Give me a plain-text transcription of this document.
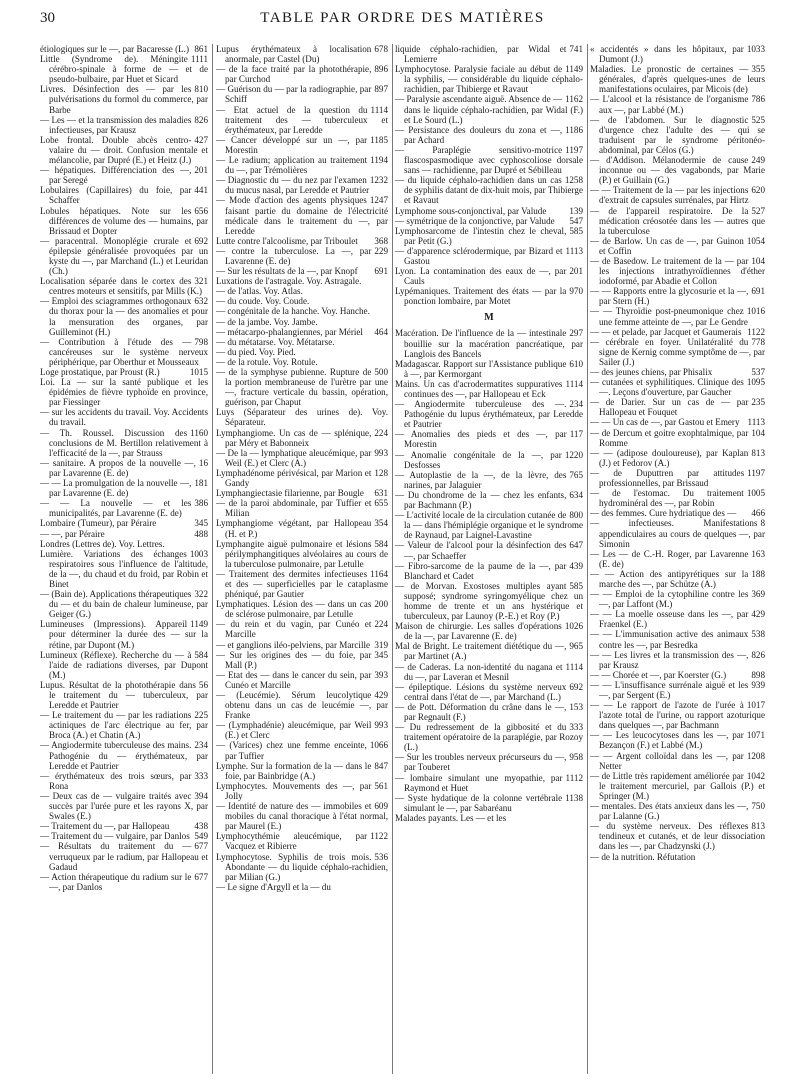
30	TABLE PAR ORDRE DES MATIÈRES
861
étiologiques sur le —, par Bacaresse (L.)
1111
Little (Syndrome de). Méningite cérébro-spinale à forme de — et de pseudo-bulbaire, par Huet et Sicard
810
Livres. Désinfection des — par les pulvérisations du formol du commerce, par Barbe
826
— Les — et la transmission des maladies infectieuses, par Krausz
427
Lobe frontal. Double abcès centro-valaire du — droit. Confusion mentale et mélancolie, par Dupré (E.) et Heitz (J.)
201
— hépatiques. Différenciation des —, par Seregé
441
Lobulaires (Capillaires) du foie, par Schaffer
656
Lobules hépatiques. Note sur les différences de volume des — humains, par Brissaud et Dopter
692
— paracentral. Monoplégie crurale et épilepsie généralisée provoquées par un kyste du —, par Marchand (L.) et Leuridan (Ch.)
321
Localisation séparée dans le cortex des centres moteurs et sensitifs, par Mills (K.)
632
— Emploi des sciagrammes orthogonaux du thorax pour la — des anomalies et pour la mensuration des organes, par Guilleminot (H.)
798
— Contribution à l'étude des — cancéreuses sur le système nerveux périphérique, par Oberthur et Mousseaux
1015
Loge prostatique, par Proust (R.)
Loi. La — sur la santé publique et les épidémies de fièvre typhoïde en province, par Fiessinger
— sur les accidents du travail. Voy. Accidents du travail.
1160
— Th. Roussel. Discussion des conclusions de M. Bertillon relativement à l'efficacité de la —, par Strauss
16
— sanitaire. A propos de la nouvelle —, par Lavarenne (E. de)
181
— — La promulgation de la nouvelle —, par Lavarenne (E. de)
386
— — La nouvelle — et les municipalités, par Lavarenne (E. de)
345
Lombaire (Tumeur), par Péraire
488
— —, par Péraire
Londres (Lettres de). Voy. Lettres.
1003
Lumière. Variations des échanges respiratoires sous l'influence de l'altitude, de la —, du chaud et du froid, par Robin et Binet
322
— (Bain de). Applications thérapeutiques du — et du bain de chaleur lumineuse, par Geiger (G.)
1149
Lumineuses (Impressions). Appareil pour déterminer la durée des — sur la rétine, par Dupont (M.)
584
Lumineux (Réflexe). Recherche du — à l'aide de radiations diverses, par Dupont (M.)
56
Lupus. Résultat de la photothérapie dans le traitement du — tuberculeux, par Leredde et Pautrier
225
— Le traitement du — par les radiations actiniques de l'arc électrique au fer, par Broca (A.) et Chatin (A.)
234
— Angiodermite tuberculeuse des mains. Pathogénie du — érythémateux, par Leredde et Pautrier
333
— érythémateux des trois sœurs, par Rona
394
— Deux cas de — vulgaire traités avec succès par l'urée pure et les rayons X, par Swales (E.)
438
— Traitement du —, par Hallopeau
549
— Traitement du — vulgaire, par Danlos
677
— Résultats du traitement du — verruqueux par le radium, par Hallopeau et Gadaud
677
— Action thérapeutique du radium sur le —, par Danlos
678
Lupus érythémateux à localisation anormale, par Castel (Du)
896
— de la face traité par la photothérapie, par Curchod
897
— Guérison du — par la radiographie, par Schiff
1114
— Etat actuel de la question du traitement des — tuberculeux et érythémateux, par Leredde
1185
— Cancer développé sur un —, par Morestin
1194
— Le radium; application au traitement du —, par Trémolières
1232
— Diagnostic du — du nez par l'examen du mucus nasal, par Leredde et Pautrier
1247
— Mode d'action des agents physiques faisant partie du domaine de l'électricité médicale dans le traitement du —, par Leredde
368
Lutte contre l'alcoolisme, par Triboulet
229
— contre la tuberculose. La —, par Lavarenne (E. de)
691
— Sur les résultats de la —, par Knopf
Luxations de l'astragale. Voy. Astragale.
— de l'atlas. Voy. Atlas.
— du coude. Voy. Coude.
— congénitale de la hanche. Voy. Hanche.
— de la jambe. Voy. Jambe.
464
— métacarpo-phalangiennes, par Mériel
— du métatarse. Voy. Métatarse.
— du pied. Voy. Pied.
— de la rotule. Voy. Rotule.
500
— de la symphyse pubienne. Rupture de la portion membraneuse de l'urètre par une —, fracture verticale du bassin, opération, guérison, par Chaput
Luys (Séparateur des urines de). Voy. Séparateur.
224
Lymphangiome. Un cas de — splénique, par Méry et Babonneix
993
— De la — lymphatique aleucémique, par Weil (E.) et Clerc (A.)
128
Lymphadénome périvésical, par Marion et Gandy
631
Lymphangiectasie filarienne, par Bougle
655
— de la paroi abdominale, par Tuffier et Milian
354
Lymphangiome végétant, par Hallopeau (H. et P.)
584
Lymphangite aiguë pulmonaire et lésions périlymphangitiques alvéolaires au cours de la tuberculose pulmonaire, par Letulle
1164
— Traitement des dermites infectieuses et des — superficielles par le cataplasme phéniqué, par Gautier
200
Lymphatiques. Lésion des — dans un cas de sclérose pulmonaire, par Letulle
224
— du rein et du vagin, par Cunéo et Marcille
319
— et ganglions iléo-pelviens, par Marcille
345
— Sur les origines des — du foie, par Mall (P.)
393
— Etat des — dans le cancer du sein, par Cunéo et Marcille
429
— (Leucémie). Sérum leucolytique obtenu dans un cas de leucémie —, par Franke
993
— (Lymphadénie) aleucémique, par Weil (E.) et Clerc
1066
— (Varices) chez une femme enceinte, par Tuffier
847
Lymphe. Sur la formation de la — dans le foie, par Bainbridge (A.)
561
Lymphocytes. Mouvements des —, par Jolly
609
— Identité de nature des — immobiles et mobiles du canal thoracique à l'état normal, par Maurel (E.)
1122
Lymphocythémie aleucémique, par Vacquez et Ribierre
536
Lymphocytose. Syphilis de trois mois. Abondante — du liquide céphalo-rachidien, par Milian (G.)
— Le signe d'Argyll et la — du
741
liquide céphalo-rachidien, par Widal et Lemierre
1149
Lymphocytose. Paralysie faciale au début de la syphilis, — considérable du liquide céphalo-rachidien, par Thibierge et Ravaut
1162
— Paralysie ascendante aiguë. Absence de — dans le liquide céphalo-rachidien, par Widal (F.) et Le Sourd (L.)
1186
— Persistance des douleurs du zona et —, par Achard
1197
— Paraplégie sensitivo-motrice flascospasmodique avec cyphoscoliose dorsale sans — rachidienne, par Dupré et Sébilleau
1258
— du liquide céphalo-rachidien dans un cas de syphilis datant de dix-huit mois, par Thibierge et Ravaut
139
Lymphome sous-conjonctival, par Valude
547
— symétrique de la conjonctive, par Valude
585
Lymphosarcome de l'intestin chez le cheval, par Petit (G.)
1113
— d'apparence sclérodermique, par Bizard et Gastou
201
Lyon. La contamination des eaux de —, par Cauls
970
Lypémaniques. Traitement des états — par la ponction lombaire, par Motet
M
297
Macération. De l'influence de la — intestinale bouillie sur la macération pancréatique, par Langlois des Bancels
610
Madagascar. Rapport sur l'Assistance publique à —, par Kermorgant
1114
Mains. Un cas d'acrodermatites suppuratives continues des —, par Hallopeau et Eck
234
— Angiodermite tuberculeuse des —. Pathogénie du lupus érythémateux, par Leredde et Pautrier
117
— Anomalies des pieds et des —, par Morestin
1220
— Anomalie congénitale de la —, par Desfosses
765
— Autoplastie de la —, de la lèvre, des narines, par Jalaguier
634
— Du chondrome de la — chez les enfants, par Bachmann (P.)
800
— L'activité locale de la circulation cutanée de la — dans l'hémiplégie organique et le syndrome de Raynaud, par Laignel-Lavastine
647
— Valeur de l'alcool pour la désinfection des —, par Schaeffer
439
— Fibro-sarcome de la paume de la —, par Blanchard et Cadet
585
— de Morvan. Exostoses multiples ayant supposé; syndrome syringomyélique chez un homme de trente et un ans hystérique et tuberculeux, par Launoy (P.-E.) et Roy (P.)
1026
Maison de chirurgie. Les salles d'opérations de la —, par Lavarenne (E. de)
965
Mal de Bright. Le traitement diététique du —, par Martinet (A.)
1114
— de Caderas. La non-identité du nagana et du —, par Laveran et Mesnil
692
— épileptique. Lésions du système nerveux central dans l'état de —, par Marchand (L.)
153
— de Pott. Déformation du crâne dans le —, par Regnault (F.)
333
— Du redressement de la gibbosité et du traitement opératoire de la paraplégie, par Rozoy (L.)
958
— Sur les troubles nerveux précurseurs du —, par Touberet
1112
— lombaire simulant une myopathie, par Raymond et Huet
1138
— Syste hydatique de la colonne vertébrale simulant le —, par Sabaréanu
Malades payants. Les — et les
1033
« accidentés » dans les hôpitaux, par Dumont (J.)
355
Maladies. Le pronostic de certaines — générales, d'après quelques-unes de leurs manifestations oculaires, par Micois (de)
786
— L'alcool et la résistance de l'organisme aux —, par Labbé (M.)
525
— de l'abdomen. Sur le diagnostic d'urgence chez l'adulte des — qui se traduisent par le syndrome péritonéo-abdominal, par Célos (G.)
249
— d'Addison. Mélanodermie de cause inconnue ou — des vagabonds, par Marie (P.) et Guillain (G.)
620
— — Traitement de la — par les injections d'extrait de capsules surrénales, par Hirtz
527
— de l'appareil respiratoire. De la médication créosotée dans les — autres que la tuberculose
1054
— de Barlow. Un cas de —, par Guinon et Coffin
104
— de Basedow. Le traitement de la — par les injections intrathyroïdiennes d'éther iodoformé, par Abadie et Collon
691
— — Rapports entre la glycosurie et la —, par Stern (H.)
1016
— — Thyroïdie post-pneumonique chez une femme atteinte de —, par Le Gendre
1122
— — et pelade, par Jacquet et Gaumerais
778
— cérébrale en foyer. Unilatéralité du signe de Kernig comme symptôme de —, par Sailer (J.)
537
— des jeunes chiens, par Phisalix
1095
— cutanées et syphilitiques. Clinique des —. Leçons d'ouverture, par Gaucher
235
— de Darier. Sur un cas de — par Hallopeau et Fouquet
1113
— — Un cas de —, par Gastou et Emery
104
— de Dercum et goitre exophtalmique, par Romme
813
— — (adipose douloureuse), par Kaplan (J.) et Fedorov (A.)
1197
— de Duputtren par attitudes professionnelles, par Brissaud
1005
— de l'estomac. Du traitement hydrominéral des —, par Robin
466
— des femmes. Cure hydriatique des —
8
— infectieuses. Manifestations appendiculaires au cours de quelques —, par Simonin
163
— Les — de C.-H. Roger, par Lavarenne (E. de)
188
— — Action des antipyrétiques sur la marche des —, par Schütze (A.)
369
— — Emploi de la cytophiline contre les —, par Laffont (M.)
429
— — La moelle osseuse dans les —, par Fraenkel (E.)
538
— — L'immunisation active des animaux contre les —, par Besredka
826
— — Les livres et la transmission des —, par Krausz
898
— — Chorée et —, par Koerster (G.)
939
— — L'insuffisance surrénale aiguë et les —, par Sergent (E.)
1017
— — Le rapport de l'azote de l'urée à l'azote total de l'urine, ou rapport azoturique dans quelques —, par Bachmann
1071
— — Les leucocytoses dans les —, par Bezançon (F.) et Labbé (M.)
1208
— — Argent colloïdal dans les —, par Netter
1042
— de Little très rapidement améliorée par le traitement mercuriel, par Gallois (P.) et Springer (M.)
750
— mentales. Des états anxieux dans les —, par Lalanne (G.)
813
— du système nerveux. Des réflexes tendineux et cutanés, et de leur dissociation dans les —, par Chadzynski (J.)
— de la nutrition. Réfutation
